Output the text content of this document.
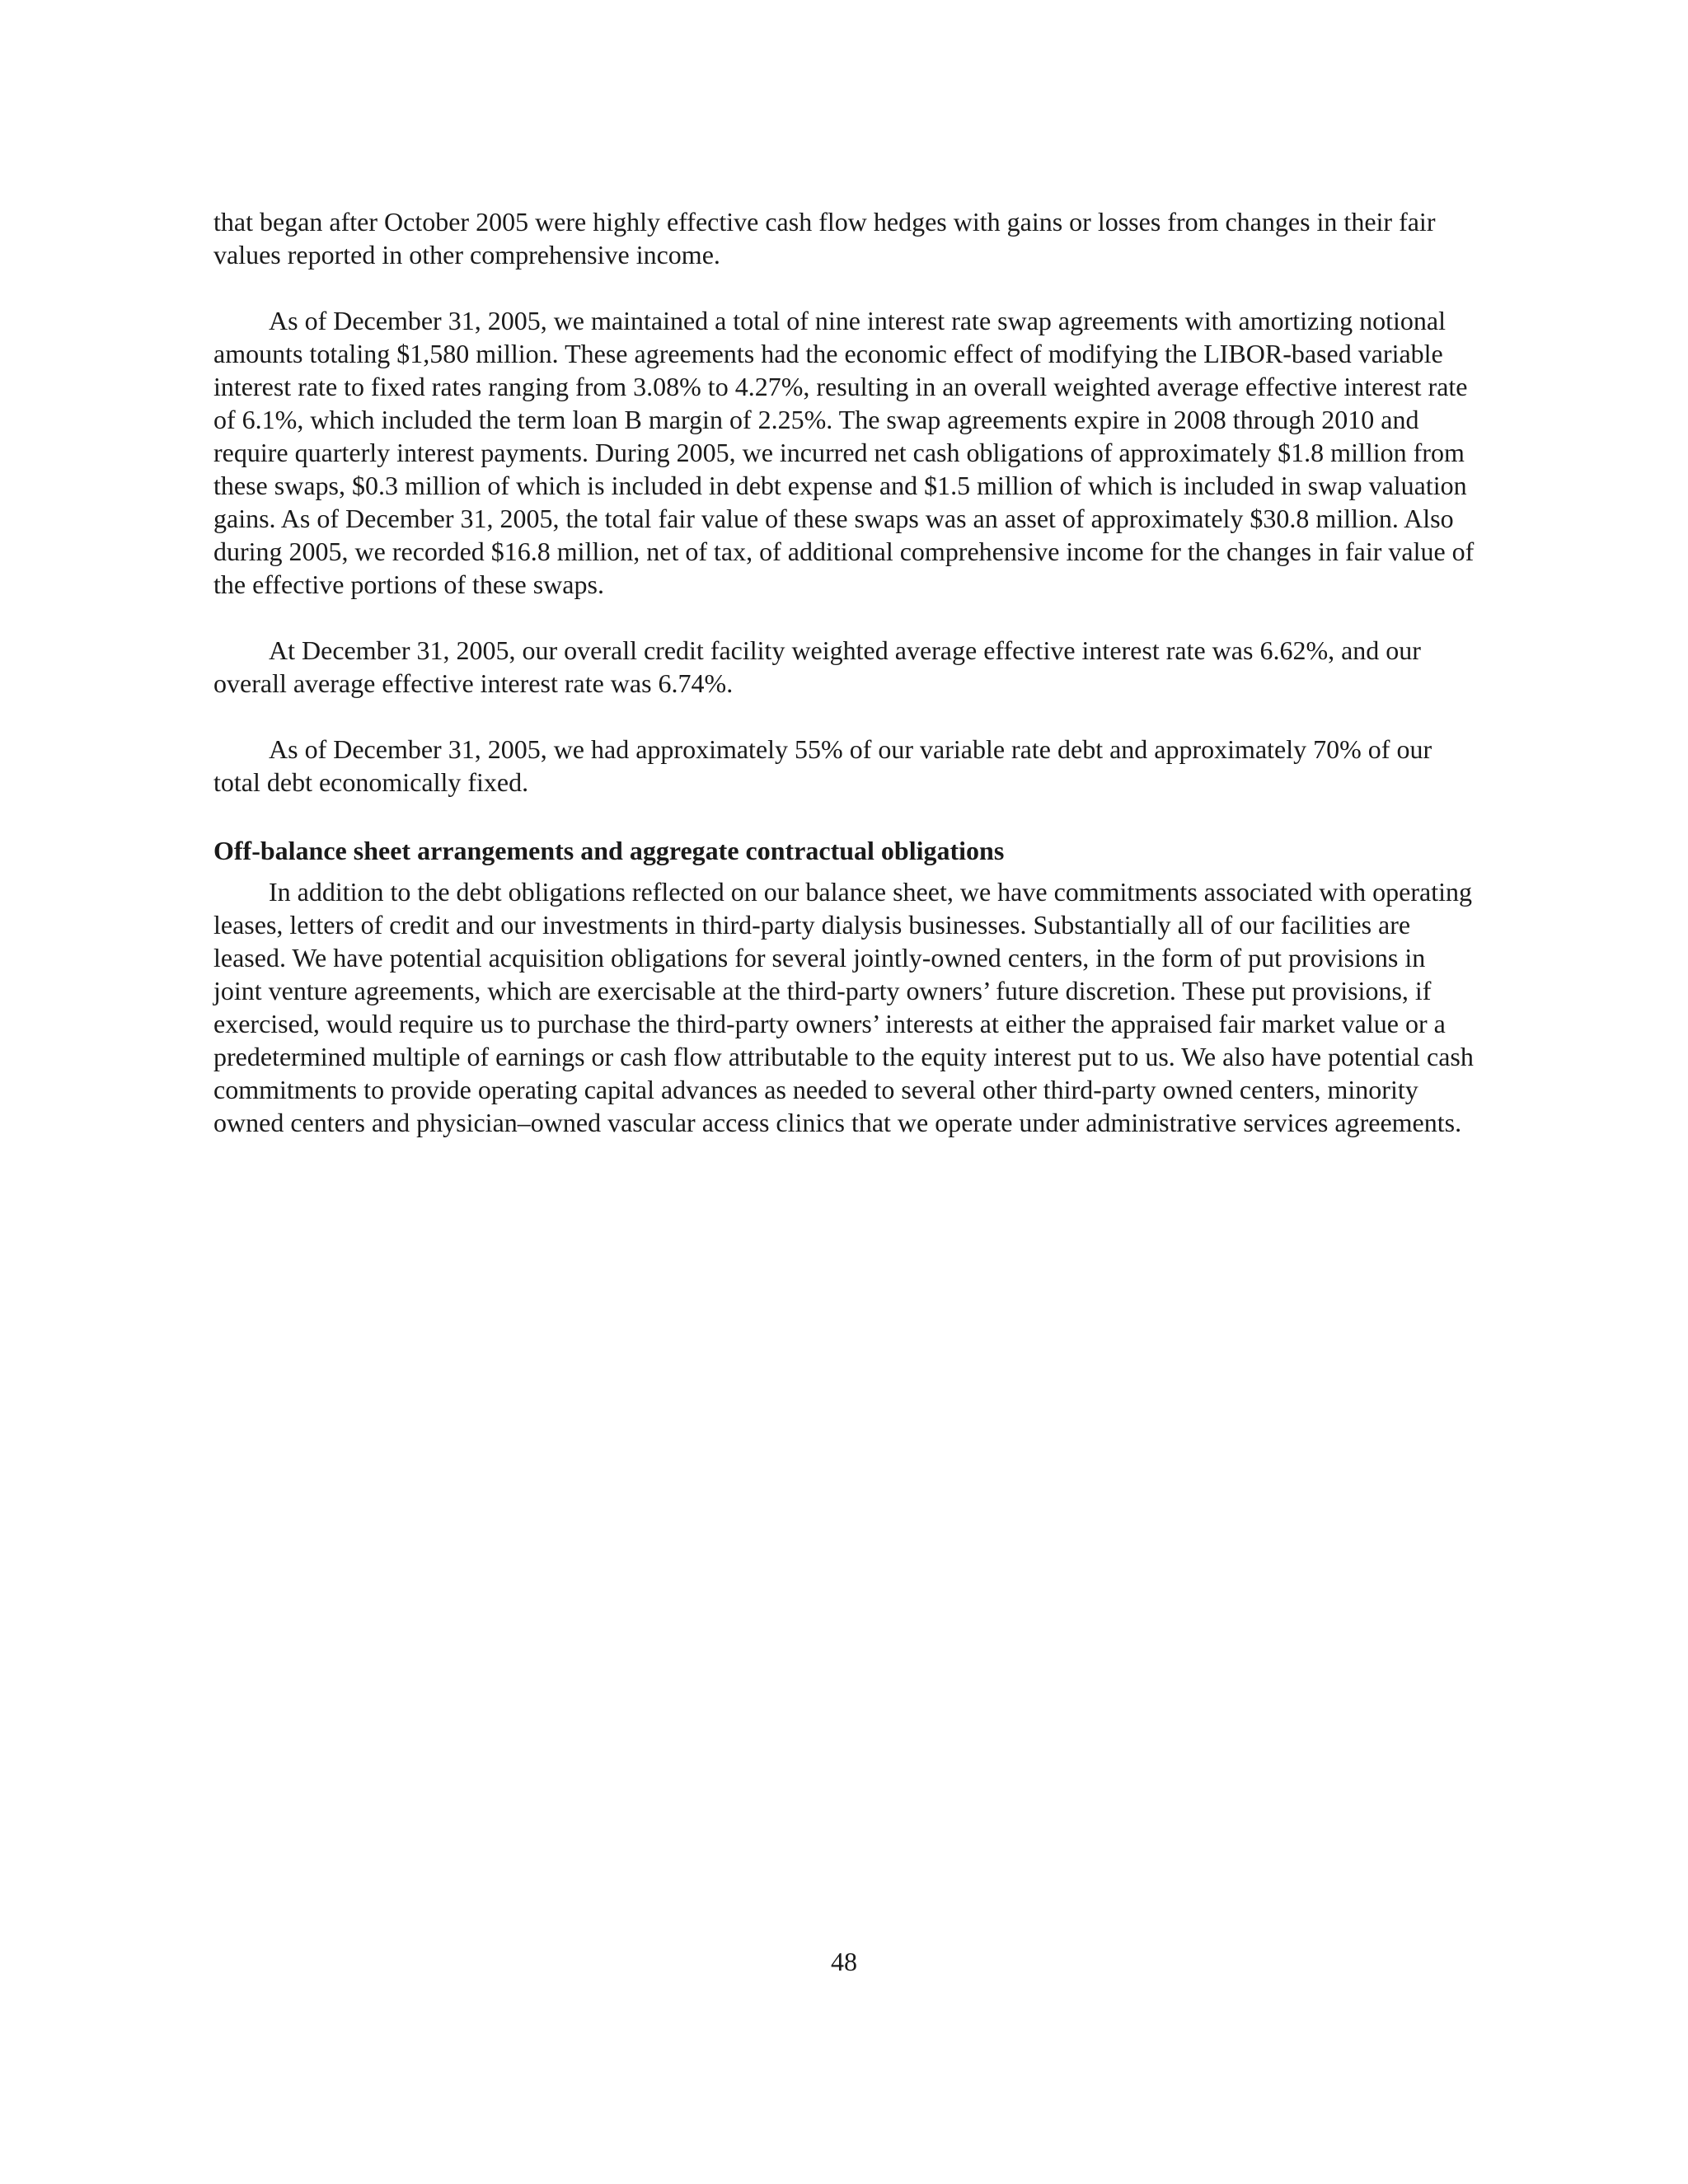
that began after October 2005 were highly effective cash flow hedges with gains or losses from changes in their fair values reported in other comprehensive income.

As of December 31, 2005, we maintained a total of nine interest rate swap agreements with amortizing notional amounts totaling $1,580 million. These agreements had the economic effect of modifying the LIBOR-based variable interest rate to fixed rates ranging from 3.08% to 4.27%, resulting in an overall weighted average effective interest rate of 6.1%, which included the term loan B margin of 2.25%. The swap agreements expire in 2008 through 2010 and require quarterly interest payments. During 2005, we incurred net cash obligations of approximately $1.8 million from these swaps, $0.3 million of which is included in debt expense and $1.5 million of which is included in swap valuation gains. As of December 31, 2005, the total fair value of these swaps was an asset of approximately $30.8 million. Also during 2005, we recorded $16.8 million, net of tax, of additional comprehensive income for the changes in fair value of the effective portions of these swaps.

At December 31, 2005, our overall credit facility weighted average effective interest rate was 6.62%, and our overall average effective interest rate was 6.74%.

As of December 31, 2005, we had approximately 55% of our variable rate debt and approximately 70% of our total debt economically fixed.

Off-balance sheet arrangements and aggregate contractual obligations

In addition to the debt obligations reflected on our balance sheet, we have commitments associated with operating leases, letters of credit and our investments in third-party dialysis businesses. Substantially all of our facilities are leased. We have potential acquisition obligations for several jointly-owned centers, in the form of put provisions in joint venture agreements, which are exercisable at the third-party owners’ future discretion. These put provisions, if exercised, would require us to purchase the third-party owners’ interests at either the appraised fair market value or a predetermined multiple of earnings or cash flow attributable to the equity interest put to us. We also have potential cash commitments to provide operating capital advances as needed to several other third-party owned centers, minority owned centers and physician–owned vascular access clinics that we operate under administrative services agreements.

48
